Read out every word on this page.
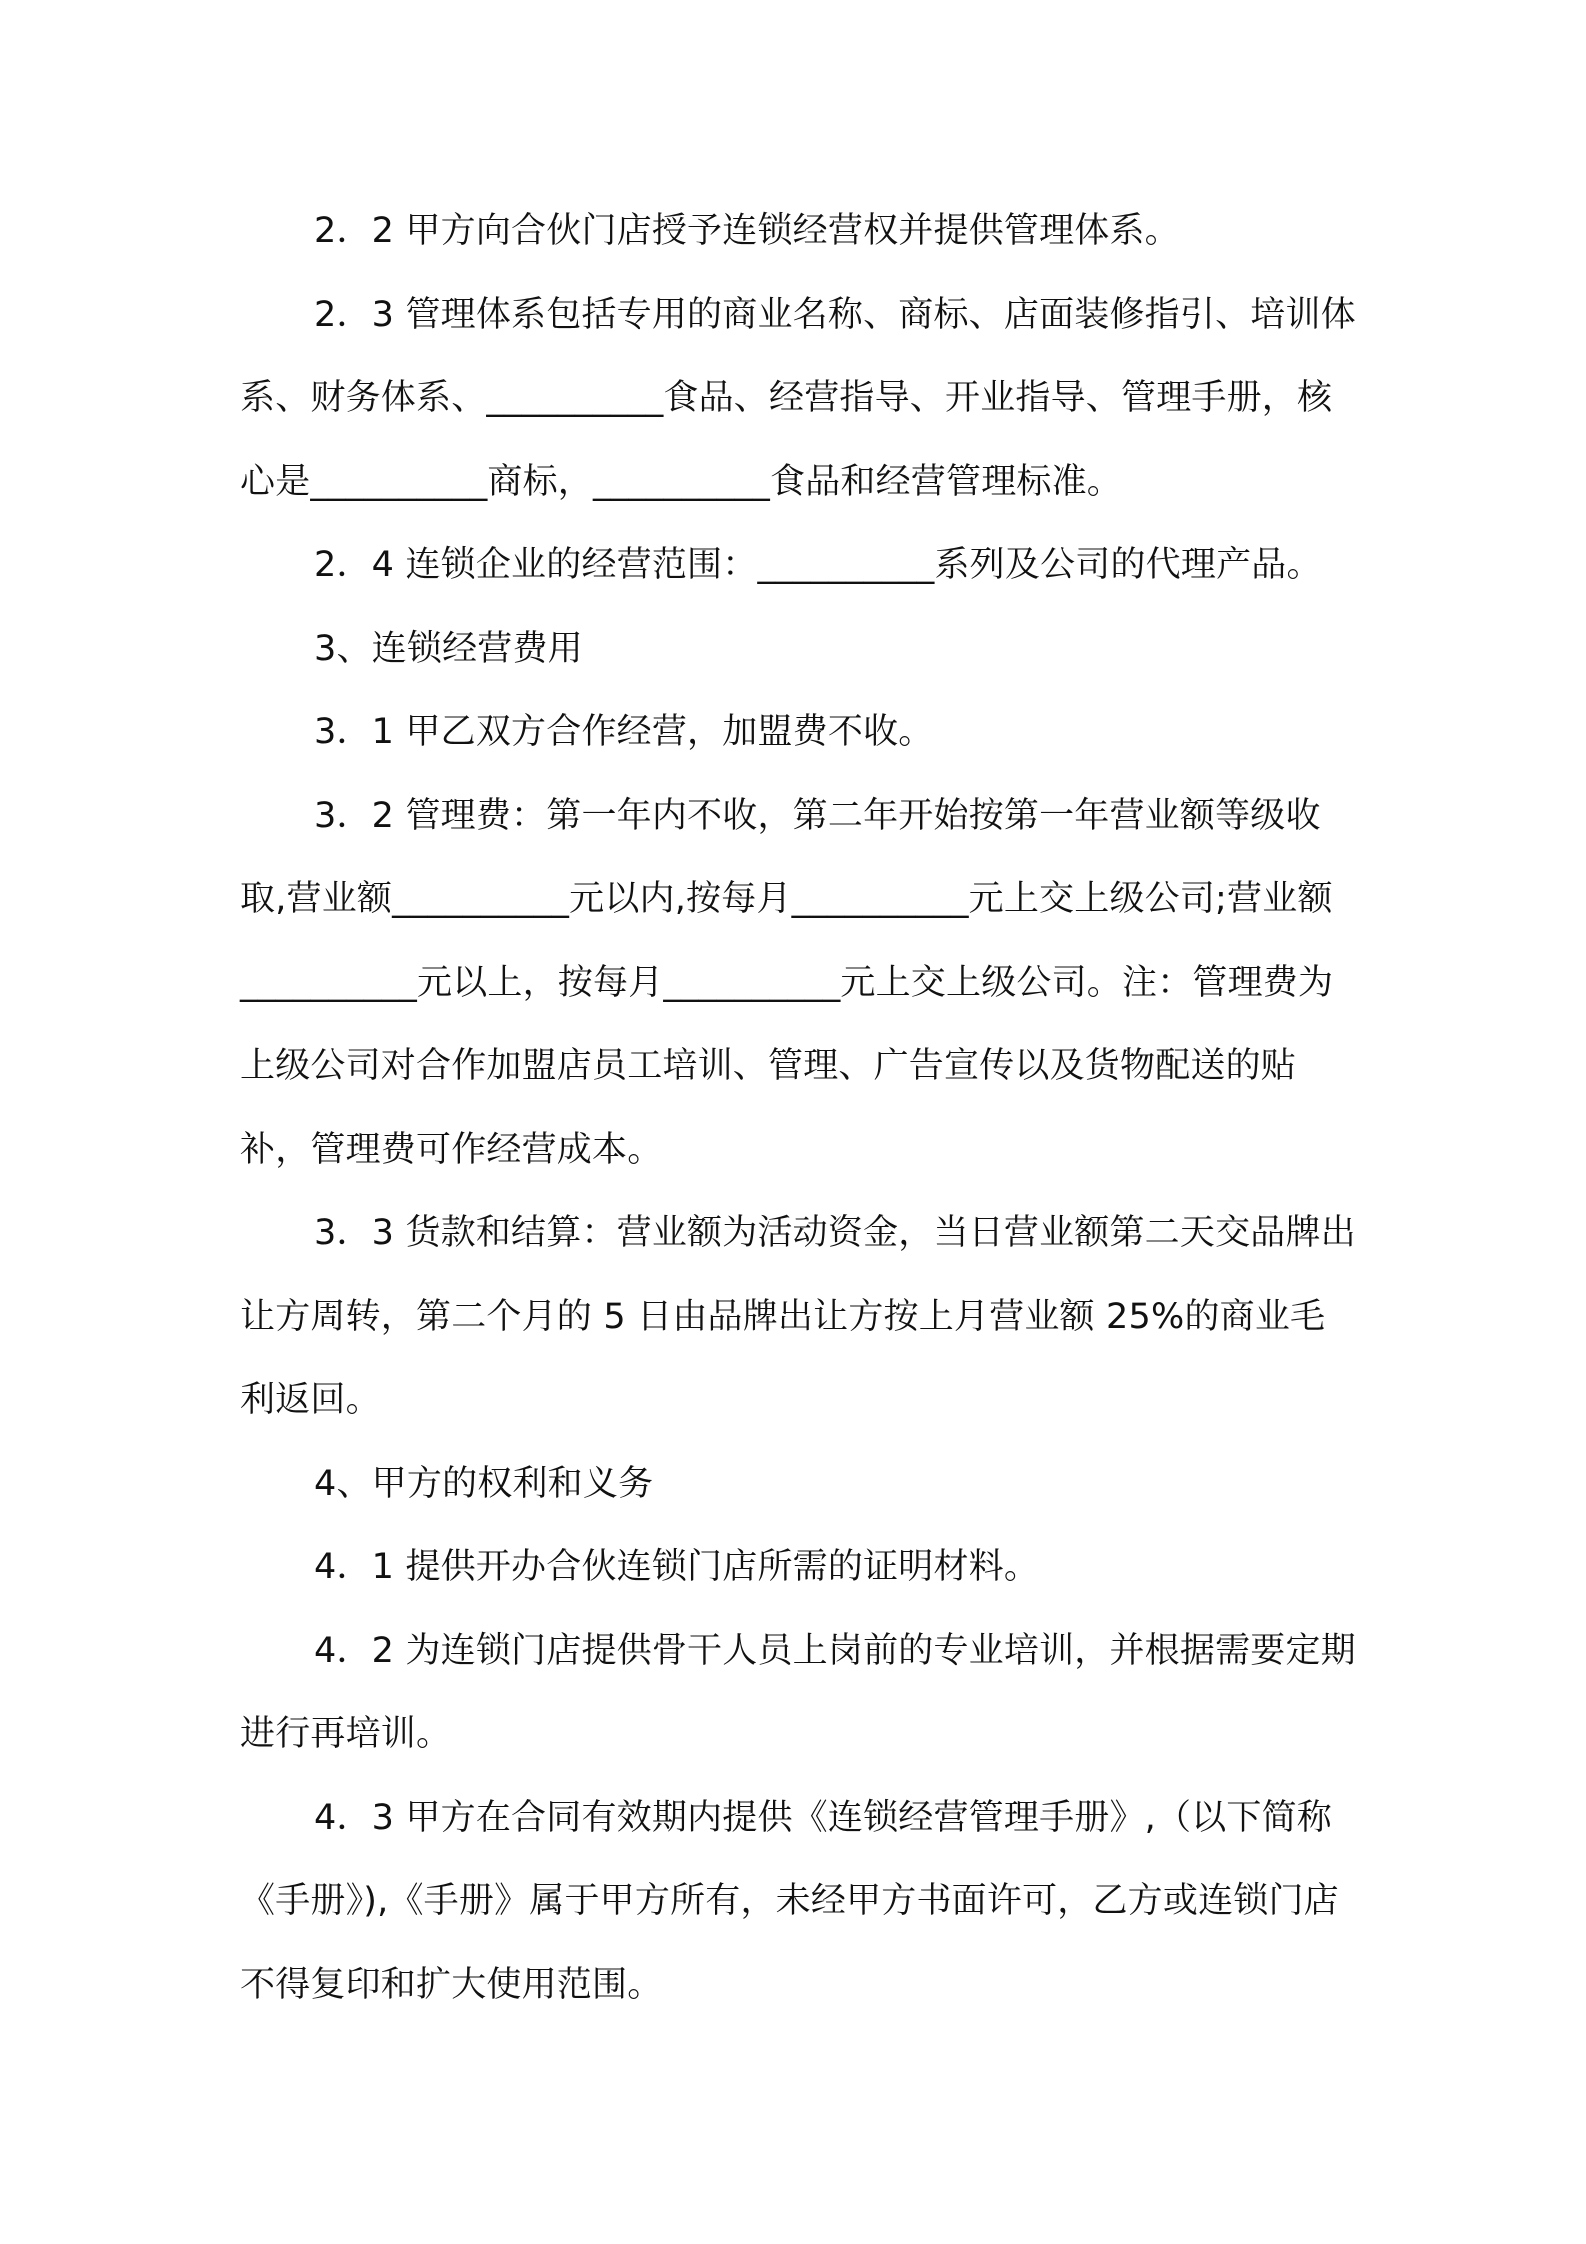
2．2 甲方向合伙门店授予连锁经营权并提供管理体系。

2．3 管理体系包括专用的商业名称、商标、店面装修指引、培训体系、财务体系、__________食品、经营指导、开业指导、管理手册，核心是__________商标，__________食品和经营管理标准。

2．4 连锁企业的经营范围：__________系列及公司的代理产品。

3、连锁经营费用

3．1 甲乙双方合作经营，加盟费不收。

3．2 管理费：第一年内不收，第二年开始按第一年营业额等级收取,营业额__________元以内,按每月__________元上交上级公司;营业额__________元以上，按每月__________元上交上级公司。注：管理费为上级公司对合作加盟店员工培训、管理、广告宣传以及货物配送的贴补，管理费可作经营成本。

3．3 货款和结算：营业额为活动资金，当日营业额第二天交品牌出让方周转，第二个月的 5 日由品牌出让方按上月营业额 25%的商业毛利返回。

4、甲方的权利和义务

4．1 提供开办合伙连锁门店所需的证明材料。

4．2 为连锁门店提供骨干人员上岗前的专业培训，并根据需要定期进行再培训。

4．3 甲方在合同有效期内提供《连锁经营管理手册》,（以下简称《手册》),《手册》属于甲方所有，未经甲方书面许可，乙方或连锁门店不得复印和扩大使用范围。
